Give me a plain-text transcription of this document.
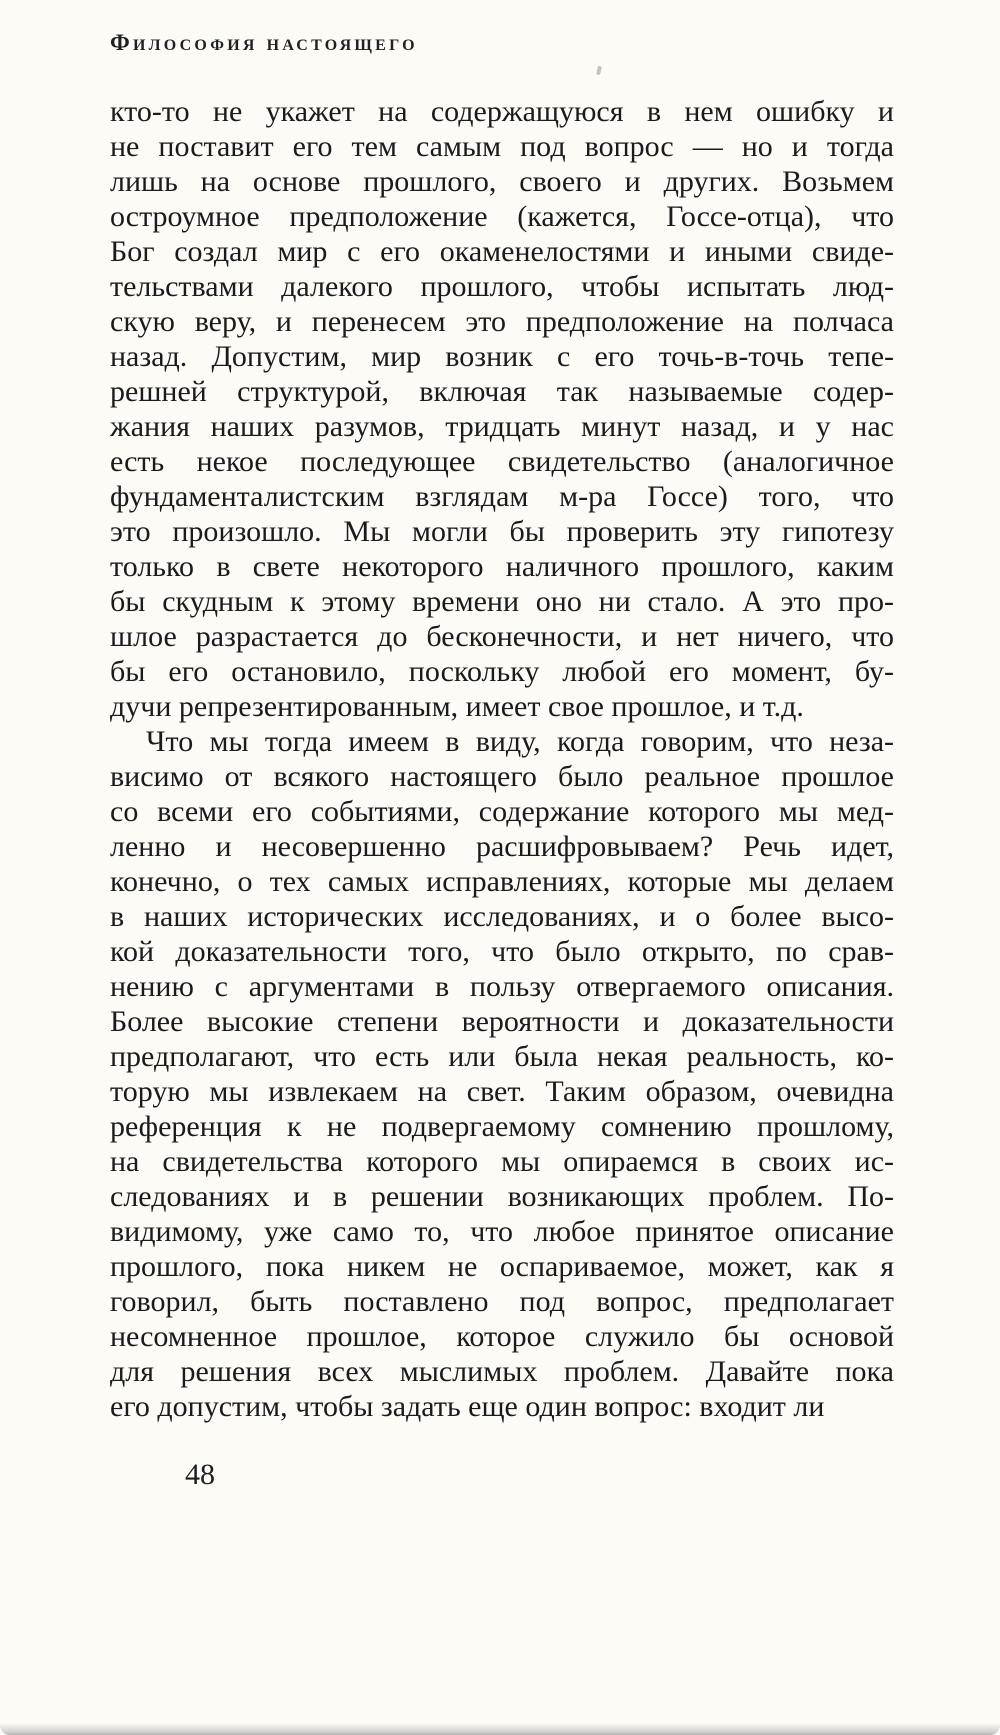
Философия настоящего
кто-то не укажет на содержащуюся в нем ошибку и
не поставит его тем самым под вопрос — но и тогда
лишь на основе прошлого, своего и других. Возьмем
остроумное предположение (кажется, Госсе-отца), что
Бог создал мир с его окаменелостями и иными свиде-
тельствами далекого прошлого, чтобы испытать люд-
скую веру, и перенесем это предположение на полчаса
назад. Допустим, мир возник с его точь-в-точь тепе-
решней структурой, включая так называемые содер-
жания наших разумов, тридцать минут назад, и у нас
есть некое последующее свидетельство (аналогичное
фундаменталистским взглядам м-ра Госсе) того, что
это произошло. Мы могли бы проверить эту гипотезу
только в свете некоторого наличного прошлого, каким
бы скудным к этому времени оно ни стало. А это про-
шлое разрастается до бесконечности, и нет ничего, что
бы его остановило, поскольку любой его момент, бу-
дучи репрезентированным, имеет свое прошлое, и т.д.
Что мы тогда имеем в виду, когда говорим, что неза-
висимо от всякого настоящего было реальное прошлое
со всеми его событиями, содержание которого мы мед-
ленно и несовершенно расшифровываем? Речь идет,
конечно, о тех самых исправлениях, которые мы делаем
в наших исторических исследованиях, и о более высо-
кой доказательности того, что было открыто, по срав-
нению с аргументами в пользу отвергаемого описания.
Более высокие степени вероятности и доказательности
предполагают, что есть или была некая реальность, ко-
торую мы извлекаем на свет. Таким образом, очевидна
референция к не подвергаемому сомнению прошлому,
на свидетельства которого мы опираемся в своих ис-
следованиях и в решении возникающих проблем. По-
видимому, уже само то, что любое принятое описание
прошлого, пока никем не оспариваемое, может, как я
говорил, быть поставлено под вопрос, предполагает
несомненное прошлое, которое служило бы основой
для решения всех мыслимых проблем. Давайте пока
его допустим, чтобы задать еще один вопрос: входит ли
48
